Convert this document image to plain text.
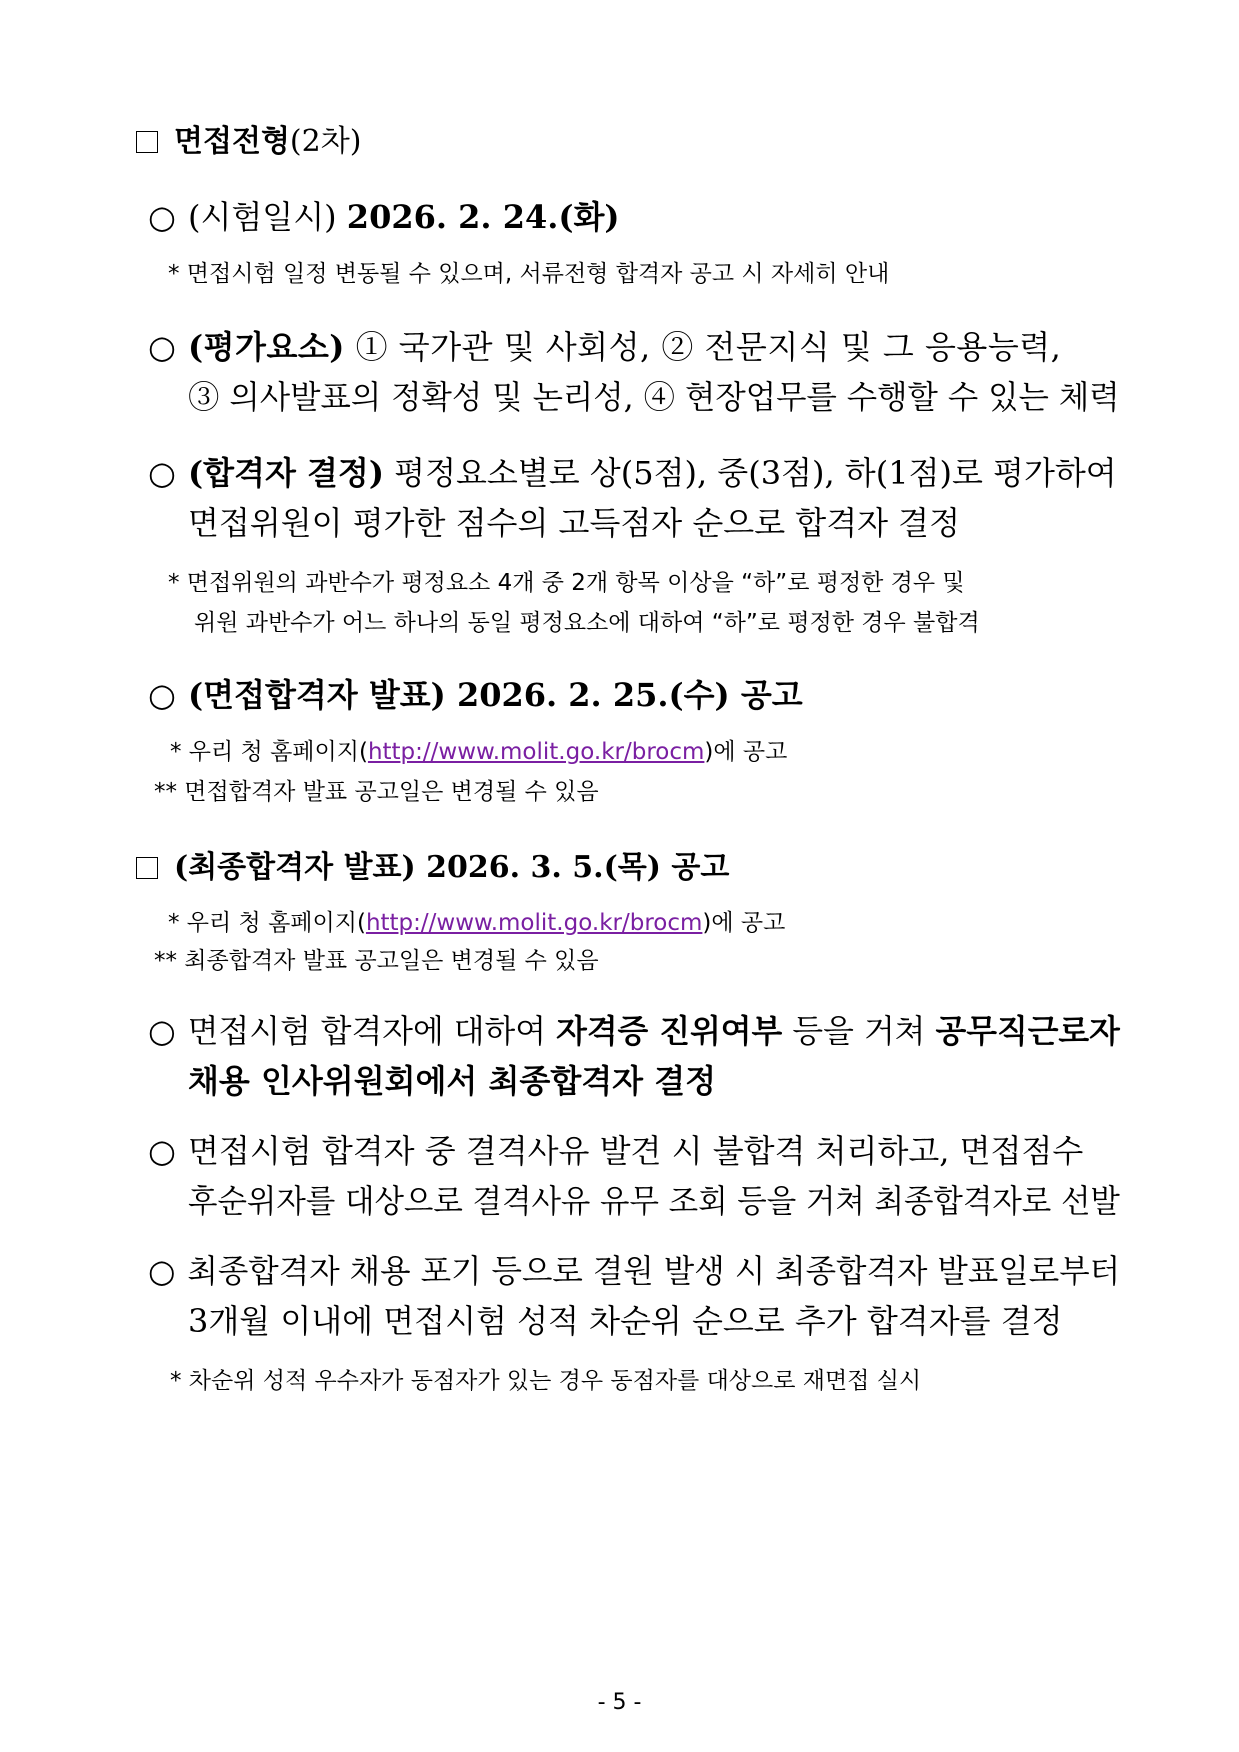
면접전형(2차)
○ (시험일시) 2026. 2. 24.(화)
* 면접시험 일정 변동될 수 있으며, 서류전형 합격자 공고 시 자세히 안내
○ (평가요소) ① 국가관 및 사회성, ② 전문지식 및 그 응용능력,
③ 의사발표의 정확성 및 논리성, ④ 현장업무를 수행할 수 있는 체력
○ (합격자 결정) 평정요소별로 상(5점), 중(3점), 하(1점)로 평가하여
면접위원이 평가한 점수의 고득점자 순으로 합격자 결정
* 면접위원의 과반수가 평정요소 4개 중 2개 항목 이상을 “하”로 평정한 경우 및
위원 과반수가 어느 하나의 동일 평정요소에 대하여 “하”로 평정한 경우 불합격
○ (면접합격자 발표) 2026. 2. 25.(수) 공고
* 우리 청 홈페이지(http://www.molit.go.kr/brocm)에 공고
** 면접합격자 발표 공고일은 변경될 수 있음
(최종합격자 발표) 2026. 3. 5.(목) 공고
* 우리 청 홈페이지(http://www.molit.go.kr/brocm)에 공고
** 최종합격자 발표 공고일은 변경될 수 있음
○ 면접시험 합격자에 대하여 자격증 진위여부 등을 거쳐 공무직근로자
채용 인사위원회에서 최종합격자 결정
○ 면접시험 합격자 중 결격사유 발견 시 불합격 처리하고, 면접점수
후순위자를 대상으로 결격사유 유무 조회 등을 거쳐 최종합격자로 선발
○ 최종합격자 채용 포기 등으로 결원 발생 시 최종합격자 발표일로부터
3개월 이내에 면접시험 성적 차순위 순으로 추가 합격자를 결정
* 차순위 성적 우수자가 동점자가 있는 경우 동점자를 대상으로 재면접 실시
- 5 -
